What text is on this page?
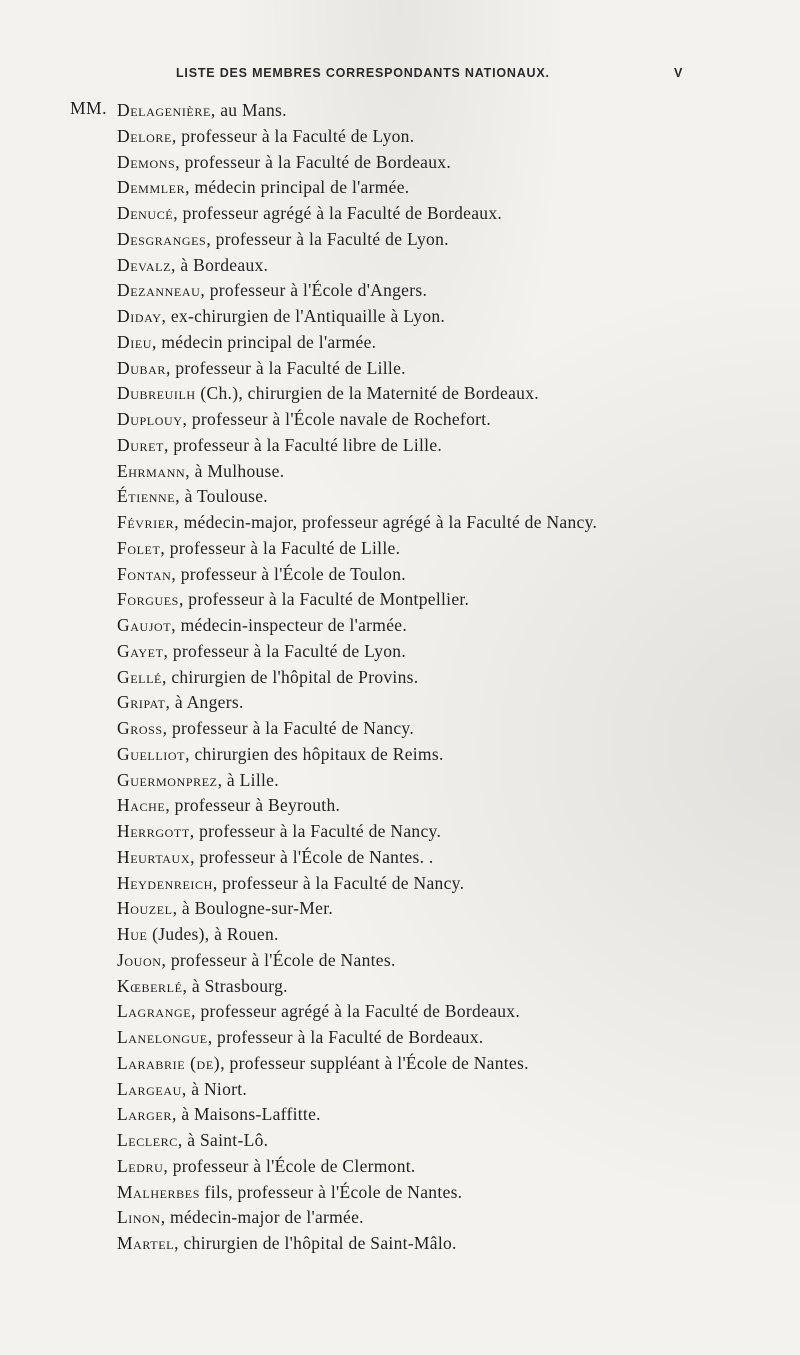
LISTE DES MEMBRES CORRESPONDANTS NATIONAUX.	V
MM. Delagenière, au Mans.
Delore, professeur à la Faculté de Lyon.
Demons, professeur à la Faculté de Bordeaux.
Demmler, médecin principal de l'armée.
Denucé, professeur agrégé à la Faculté de Bordeaux.
Desgranges, professeur à la Faculté de Lyon.
Devalz, à Bordeaux.
Dezanneau, professeur à l'École d'Angers.
Diday, ex-chirurgien de l'Antiquaille à Lyon.
Dieu, médecin principal de l'armée.
Dubar, professeur à la Faculté de Lille.
Dubreuilh (Ch.), chirurgien de la Maternité de Bordeaux.
Duplouy, professeur à l'École navale de Rochefort.
Duret, professeur à la Faculté libre de Lille.
Ehrmann, à Mulhouse.
Étienne, à Toulouse.
Février, médecin-major, professeur agrégé à la Faculté de Nancy.
Folet, professeur à la Faculté de Lille.
Fontan, professeur à l'École de Toulon.
Forgues, professeur à la Faculté de Montpellier.
Gaujot, médecin-inspecteur de l'armée.
Gayet, professeur à la Faculté de Lyon.
Gellé, chirurgien de l'hôpital de Provins.
Gripat, à Angers.
Gross, professeur à la Faculté de Nancy.
Guelliot, chirurgien des hôpitaux de Reims.
Guermonprez, à Lille.
Hache, professeur à Beyrouth.
Herrgott, professeur à la Faculté de Nancy.
Heurtaux, professeur à l'École de Nantes. .
Heydenreich, professeur à la Faculté de Nancy.
Houzel, à Boulogne-sur-Mer.
Hue (Judes), à Rouen.
Jouon, professeur à l'École de Nantes.
Kœberlé, à Strasbourg.
Lagrange, professeur agrégé à la Faculté de Bordeaux.
Lanelongue, professeur à la Faculté de Bordeaux.
Larabrie (de), professeur suppléant à l'École de Nantes.
Largeau, à Niort.
Larger, à Maisons-Laffitte.
Leclerc, à Saint-Lô.
Ledru, professeur à l'École de Clermont.
Malherbes fils, professeur à l'École de Nantes.
Linon, médecin-major de l'armée.
Martel, chirurgien de l'hôpital de Saint-Mâlo.
